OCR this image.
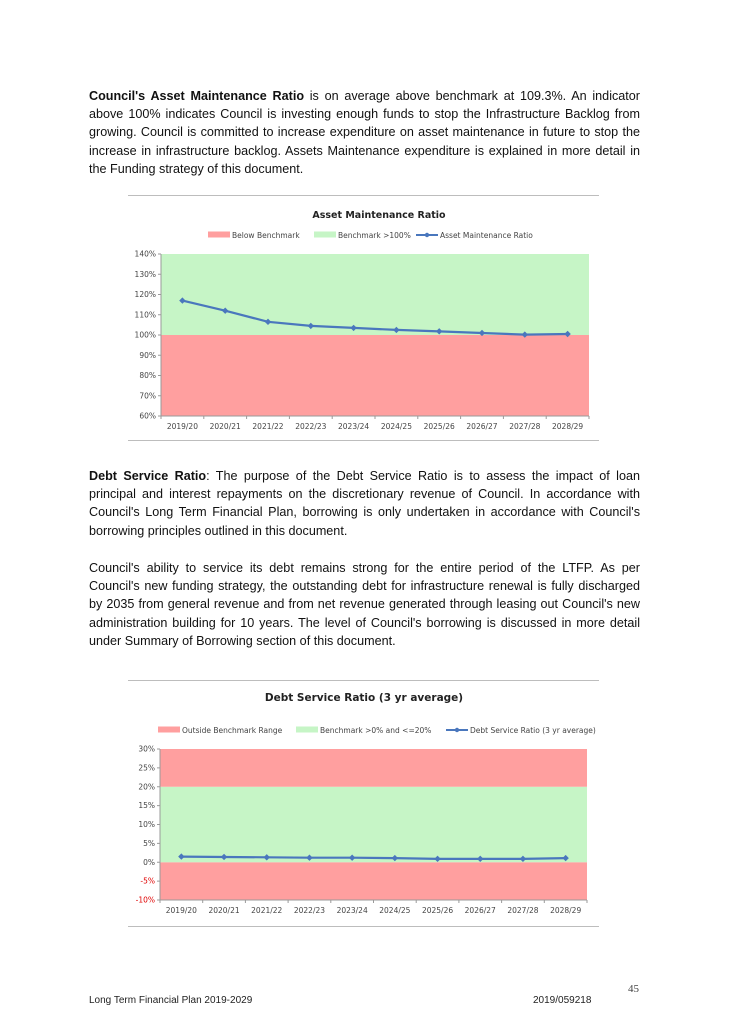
Council's Asset Maintenance Ratio is on average above benchmark at 109.3%. An indicator above 100% indicates Council is investing enough funds to stop the Infrastructure Backlog from growing. Council is committed to increase expenditure on asset maintenance in future to stop the increase in infrastructure backlog. Assets Maintenance expenditure is explained in more detail in the Funding strategy of this document.

Asset Maintenance Ratio
Below Benchmark	Benchmark >100%	Asset Maintenance Ratio
60%
70%
80%
90%
100%
110%
120%
130%
140%
2019/20 2020/21 2021/22 2022/23 2023/24 2024/25 2025/26 2026/27 2027/28 2028/29

Debt Service Ratio: The purpose of the Debt Service Ratio is to assess the impact of loan principal and interest repayments on the discretionary revenue of Council. In accordance with Council's Long Term Financial Plan, borrowing is only undertaken in accordance with Council's borrowing principles outlined in this document.

Council's ability to service its debt remains strong for the entire period of the LTFP. As per Council's new funding strategy, the outstanding debt for infrastructure renewal is fully discharged by 2035 from general revenue and from net revenue generated through leasing out Council's new administration building for 10 years. The level of Council's borrowing is discussed in more detail under Summary of Borrowing section of this document.

Debt Service Ratio (3 yr average)
Outside Benchmark Range	Benchmark >0% and <=20%	Debt Service Ratio (3 yr average)
-10%
-5%
0%
5%
10%
15%
20%
25%
30%
2019/20 2020/21 2021/22 2022/23 2023/24 2024/25 2025/26 2026/27 2027/28 2028/29
45
Long Term Financial Plan 2019-2029	2019/059218
